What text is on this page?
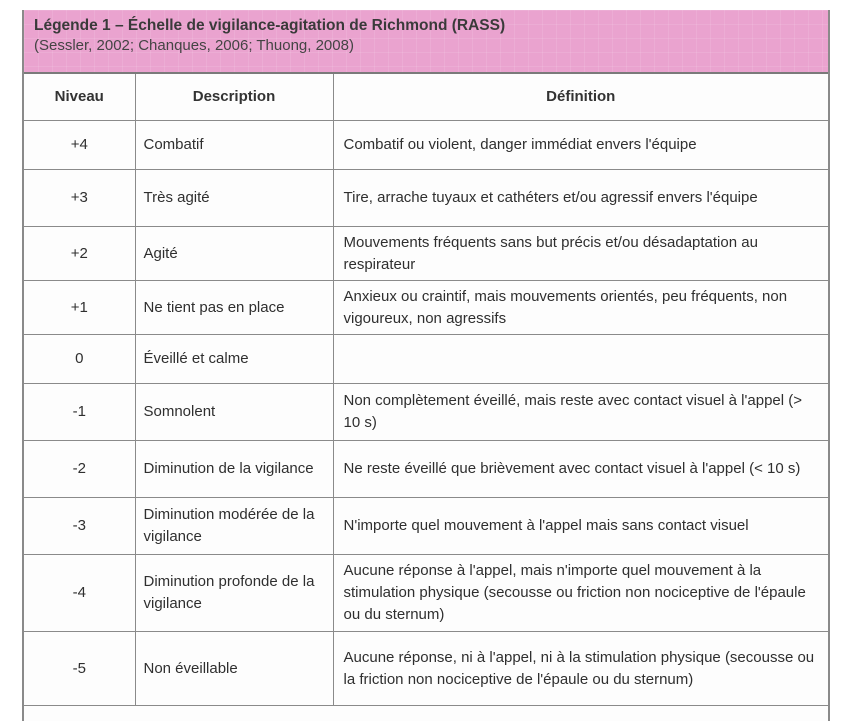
Légende 1 – Échelle de vigilance-agitation de Richmond (RASS)
(Sessler, 2002; Chanques, 2006; Thuong, 2008)
Niveau	Description	Définition
+4	Combatif	Combatif ou violent, danger immédiat envers l'équipe
+3	Très agité	Tire, arrache tuyaux et cathéters et/ou agressif envers l'équipe
+2	Agité	Mouvements fréquents sans but précis et/ou désadaptation au respirateur
+1	Ne tient pas en place	Anxieux ou craintif, mais mouvements orientés, peu fréquents, non vigoureux, non agressifs
0	Éveillé et calme	
-1	Somnolent	Non complètement éveillé, mais reste avec contact visuel à l'appel (> 10 s)
-2	Diminution de la vigilance	Ne reste éveillé que brièvement avec contact visuel à l'appel (< 10 s)
-3	Diminution modérée de la vigilance	N'importe quel mouvement à l'appel mais sans contact visuel
-4	Diminution profonde de la vigilance	Aucune réponse à l'appel, mais n'importe quel mouvement à la stimulation physique (secousse ou friction non nociceptive de l'épaule ou du sternum)
-5	Non éveillable	Aucune réponse, ni à l'appel, ni à la stimulation physique (secousse ou la friction non nociceptive de l'épaule ou du sternum)
